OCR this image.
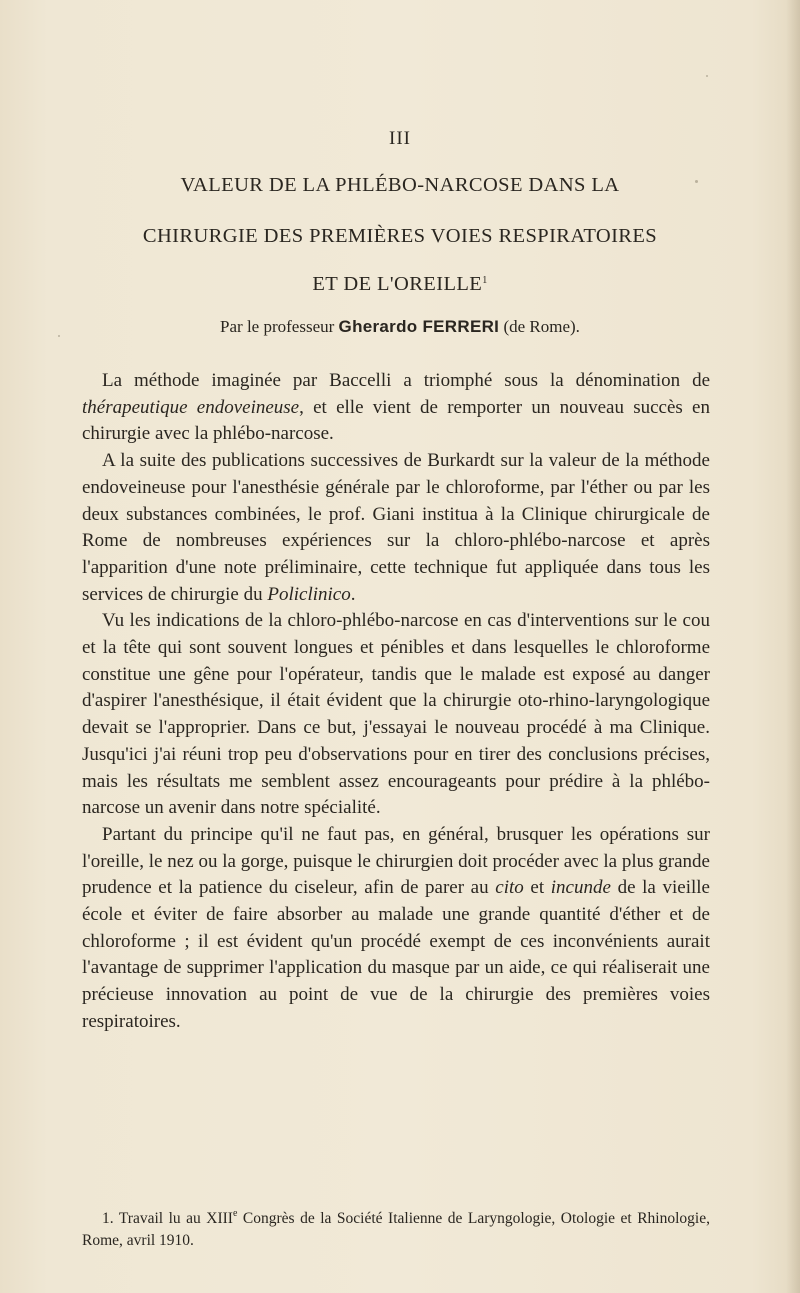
III
VALEUR DE LA PHLÉBO-NARCOSE DANS LA
CHIRURGIE DES PREMIÈRES VOIES RESPIRATOIRES
ET DE L'OREILLE$^1$
Par le professeur Gherardo FERRERI (de Rome).

La méthode imaginée par Baccelli a triomphé sous la dénomination de thérapeutique endoveineuse, et elle vient de remporter un nouveau succès en chirurgie avec la phlébo-narcose.

A la suite des publications successives de Burkardt sur la valeur de la méthode endoveineuse pour l'anesthésie générale par le chloroforme, par l'éther ou par les deux substances combinées, le prof. Giani institua à la Clinique chirurgicale de Rome de nombreuses expériences sur la chloro-phlébo-narcose et après l'apparition d'une note préliminaire, cette technique fut appliquée dans tous les services de chirurgie du Policlinico.

Vu les indications de la chloro-phlébo-narcose en cas d'interventions sur le cou et la tête qui sont souvent longues et pénibles et dans lesquelles le chloroforme constitue une gêne pour l'opérateur, tandis que le malade est exposé au danger d'aspirer l'anesthésique, il était évident que la chirurgie oto-rhino-laryngologique devait se l'approprier. Dans ce but, j'essayai le nouveau procédé à ma Clinique. Jusqu'ici j'ai réuni trop peu d'observations pour en tirer des conclusions précises, mais les résultats me semblent assez encourageants pour prédire à la phlébo-narcose un avenir dans notre spécialité.

Partant du principe qu'il ne faut pas, en général, brusquer les opérations sur l'oreille, le nez ou la gorge, puisque le chirurgien doit procéder avec la plus grande prudence et la patience du ciseleur, afin de parer au cito et incunde de la vieille école et éviter de faire absorber au malade une grande quantité d'éther et de chloroforme ; il est évident qu'un procédé exempt de ces inconvénients aurait l'avantage de supprimer l'application du masque par un aide, ce qui réaliserait une précieuse innovation au point de vue de la chirurgie des premières voies respiratoires.

1. Travail lu au XIIIe Congrès de la Société Italienne de Laryngologie, Otologie et Rhinologie, Rome, avril 1910.
